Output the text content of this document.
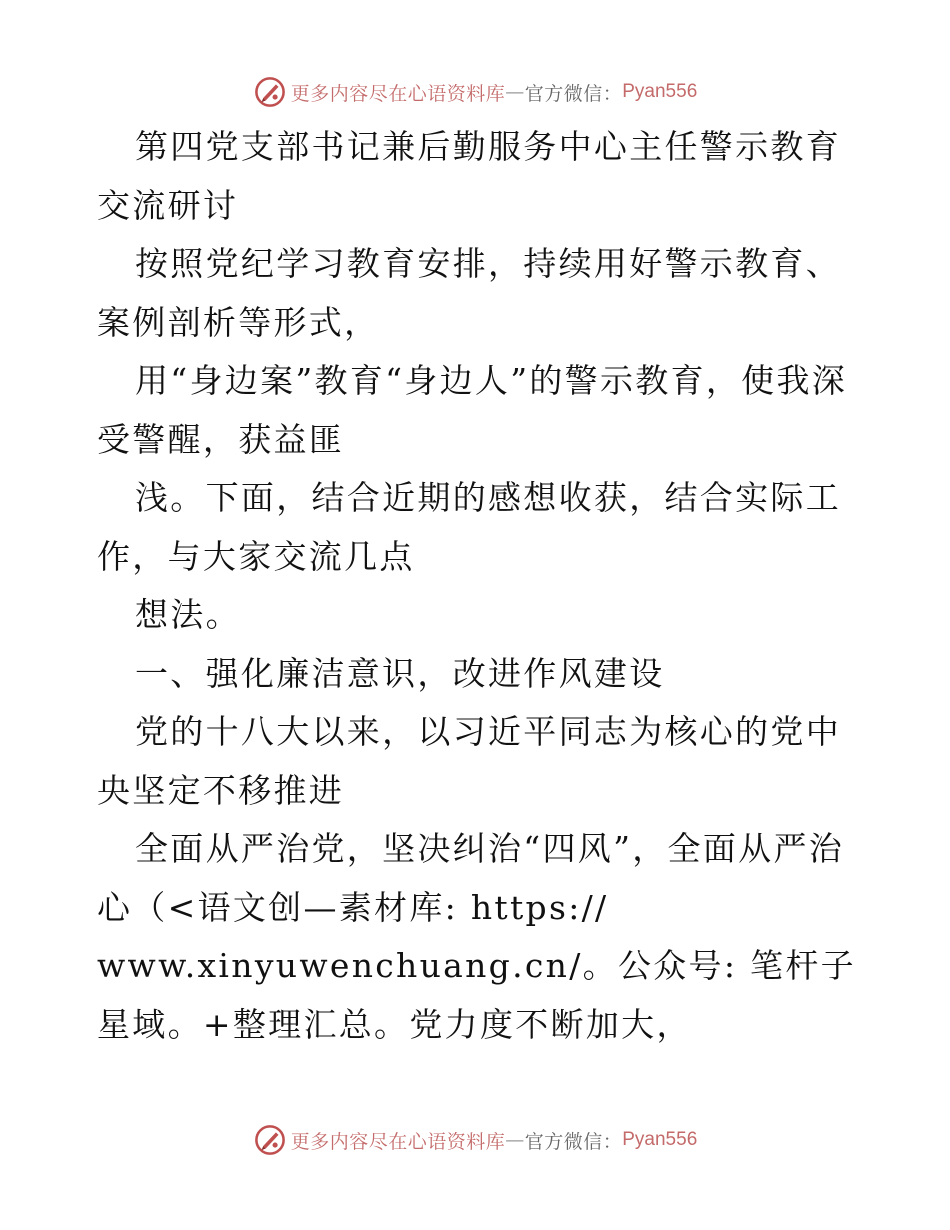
更多内容尽在心语资料库 — 官方微信： Pyan556

第四党支部书记兼后勤服务中心主任警示教育交流研讨

按照党纪学习教育安排，持续用好警示教育、案例剖析等形式，

用“身边案”教育“身边人”的警示教育，使我深受警醒，获益匪

浅。下面，结合近期的感想收获，结合实际工作，与大家交流几点

想法。

一、强化廉洁意识，改进作风建设

党的十八大以来，以习近平同志为核心的党中央坚定不移推进

全面从严治党，坚决纠治“四风”，全面从严治心（<语文创—素材库: https://

www.xinyuwenchuang.cn/。公众号: 笔杆子星域。+整理汇总。党力度不断加大，

更多内容尽在心语资料库 — 官方微信： Pyan556
